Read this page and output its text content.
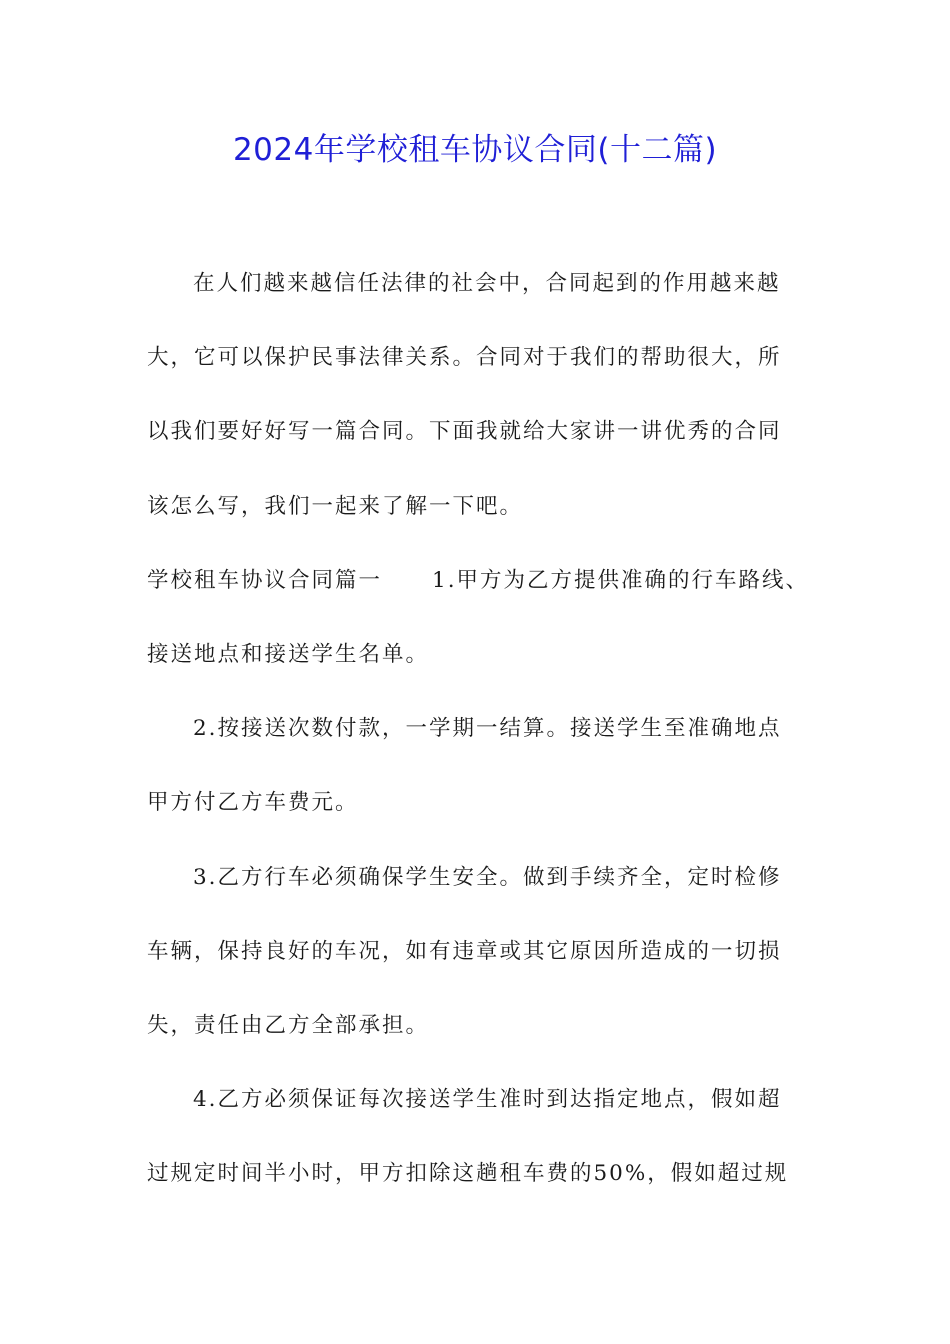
2024年学校租车协议合同(十二篇)
在人们越来越信任法律的社会中，合同起到的作用越来越
大，它可以保护民事法律关系。合同对于我们的帮助很大，所
以我们要好好写一篇合同。下面我就给大家讲一讲优秀的合同
该怎么写，我们一起来了解一下吧。
学校租车协议合同篇一 1.甲方为乙方提供准确的行车路线、
接送地点和接送学生名单。
2.按接送次数付款，一学期一结算。接送学生至准确地点
甲方付乙方车费元。
3.乙方行车必须确保学生安全。做到手续齐全，定时检修
车辆，保持良好的车况，如有违章或其它原因所造成的一切损
失，责任由乙方全部承担。
4.乙方必须保证每次接送学生准时到达指定地点，假如超
过规定时间半小时，甲方扣除这趟租车费的50%，假如超过规
